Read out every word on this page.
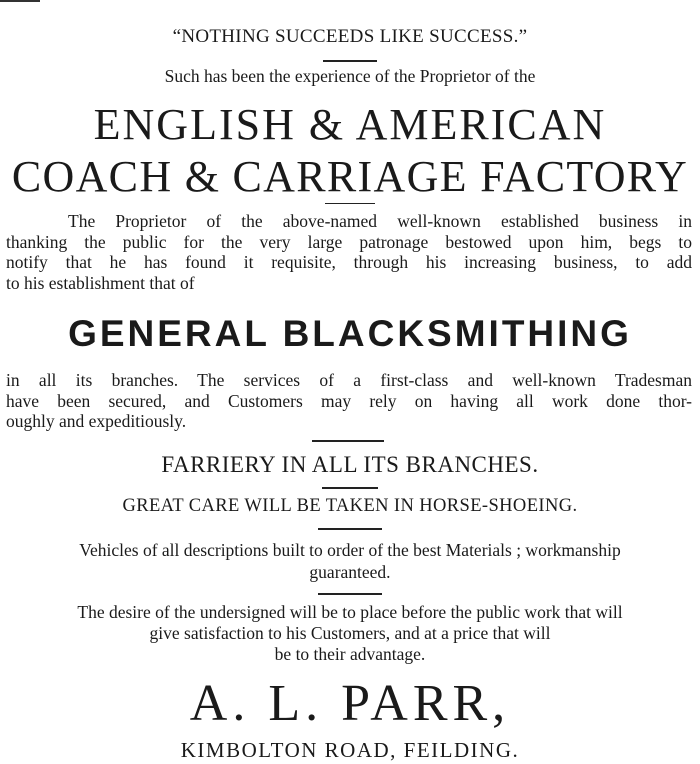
“NOTHING SUCCEEDS LIKE SUCCESS.”
Such has been the experience of the Proprietor of the
ENGLISH & AMERICAN
COACH & CARRIAGE FACTORY
The Proprietor of the above-named well-known established business in
thanking the public for the very large patronage bestowed upon him, begs to
notify that he has found it requisite, through his increasing business, to add
to his establishment that of
GENERAL BLACKSMITHING
in all its branches. The services of a first-class and well-known Tradesman
have been secured, and Customers may rely on having all work done thor-
oughly and expeditiously.
FARRIERY IN ALL ITS BRANCHES.
GREAT CARE WILL BE TAKEN IN HORSE-SHOEING.
Vehicles of all descriptions built to order of the best Materials ; workmanship
guaranteed.
The desire of the undersigned will be to place before the public work that will
give satisfaction to his Customers, and at a price that will
be to their advantage.
A. L. PARR,
KIMBOLTON ROAD, FEILDING.
